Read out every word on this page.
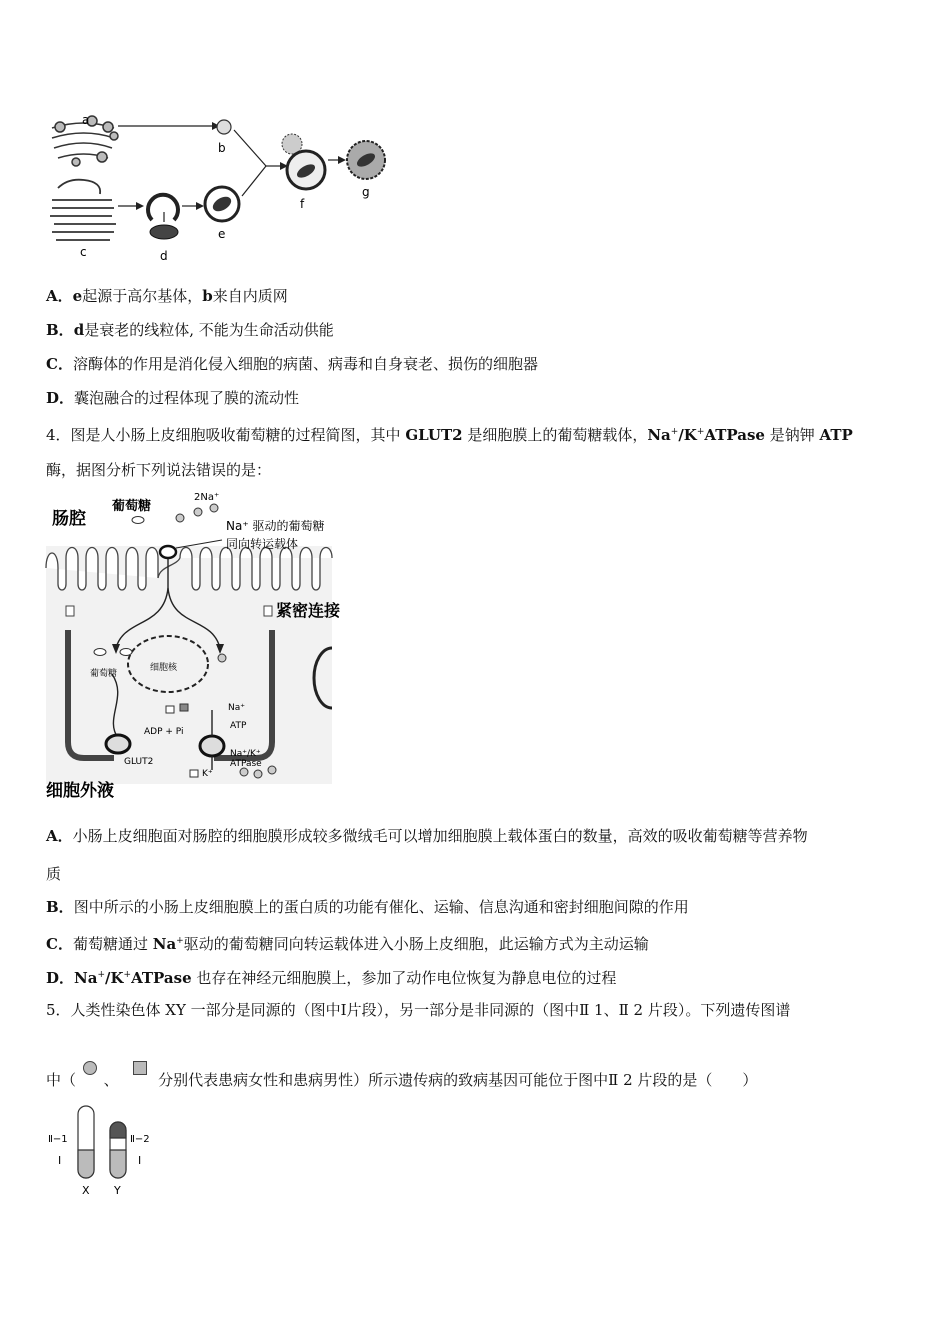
a
b
c	d
e
f
g
A．e起源于高尔基体，b来自内质网
B．d是衰老的线粒体, 不能为生命活动供能
C．溶酶体的作用是消化侵入细胞的病菌、病毒和自身衰老、损伤的细胞器
D．囊泡融合的过程体现了膜的流动性
4．图是人小肠上皮细胞吸收葡萄糖的过程简图，其中 GLUT2 是细胞膜上的葡萄糖载体，Na+/K+ATPase 是钠钾 ATP
酶，据图分析下列说法错误的是：
肠腔
葡萄糖
2Na⁺
Na⁺ 驱动的葡萄糖
同向转运载体
紧密连接
细胞核
葡萄糖
ADP + Pi
ATP
Na⁺
Na⁺/K⁺
ATPase
GLUT2
K⁺
细胞外液
A．小肠上皮细胞面对肠腔的细胞膜形成较多微绒毛可以增加细胞膜上载体蛋白的数量，高效的吸收葡萄糖等营养物
质
B．图中所示的小肠上皮细胞膜上的蛋白质的功能有催化、运输、信息沟通和密封细胞间隙的作用
C．葡萄糖通过 Na+驱动的葡萄糖同向转运载体进入小肠上皮细胞，此运输方式为主动运输
D．Na+/K+ATPase 也存在神经元细胞膜上，参加了动作电位恢复为静息电位的过程
5．人类性染色体 XY 一部分是同源的（图中Ⅰ片段），另一部分是非同源的（图中Ⅱ 1、Ⅱ 2 片段）。下列遗传图谱
中（ 、	分别代表患病女性和患病男性）所示遗传病的致病基因可能位于图中Ⅱ 2 片段的是（　　）
Ⅱ−1	Ⅱ−2
Ⅰ	Ⅰ
X Y
